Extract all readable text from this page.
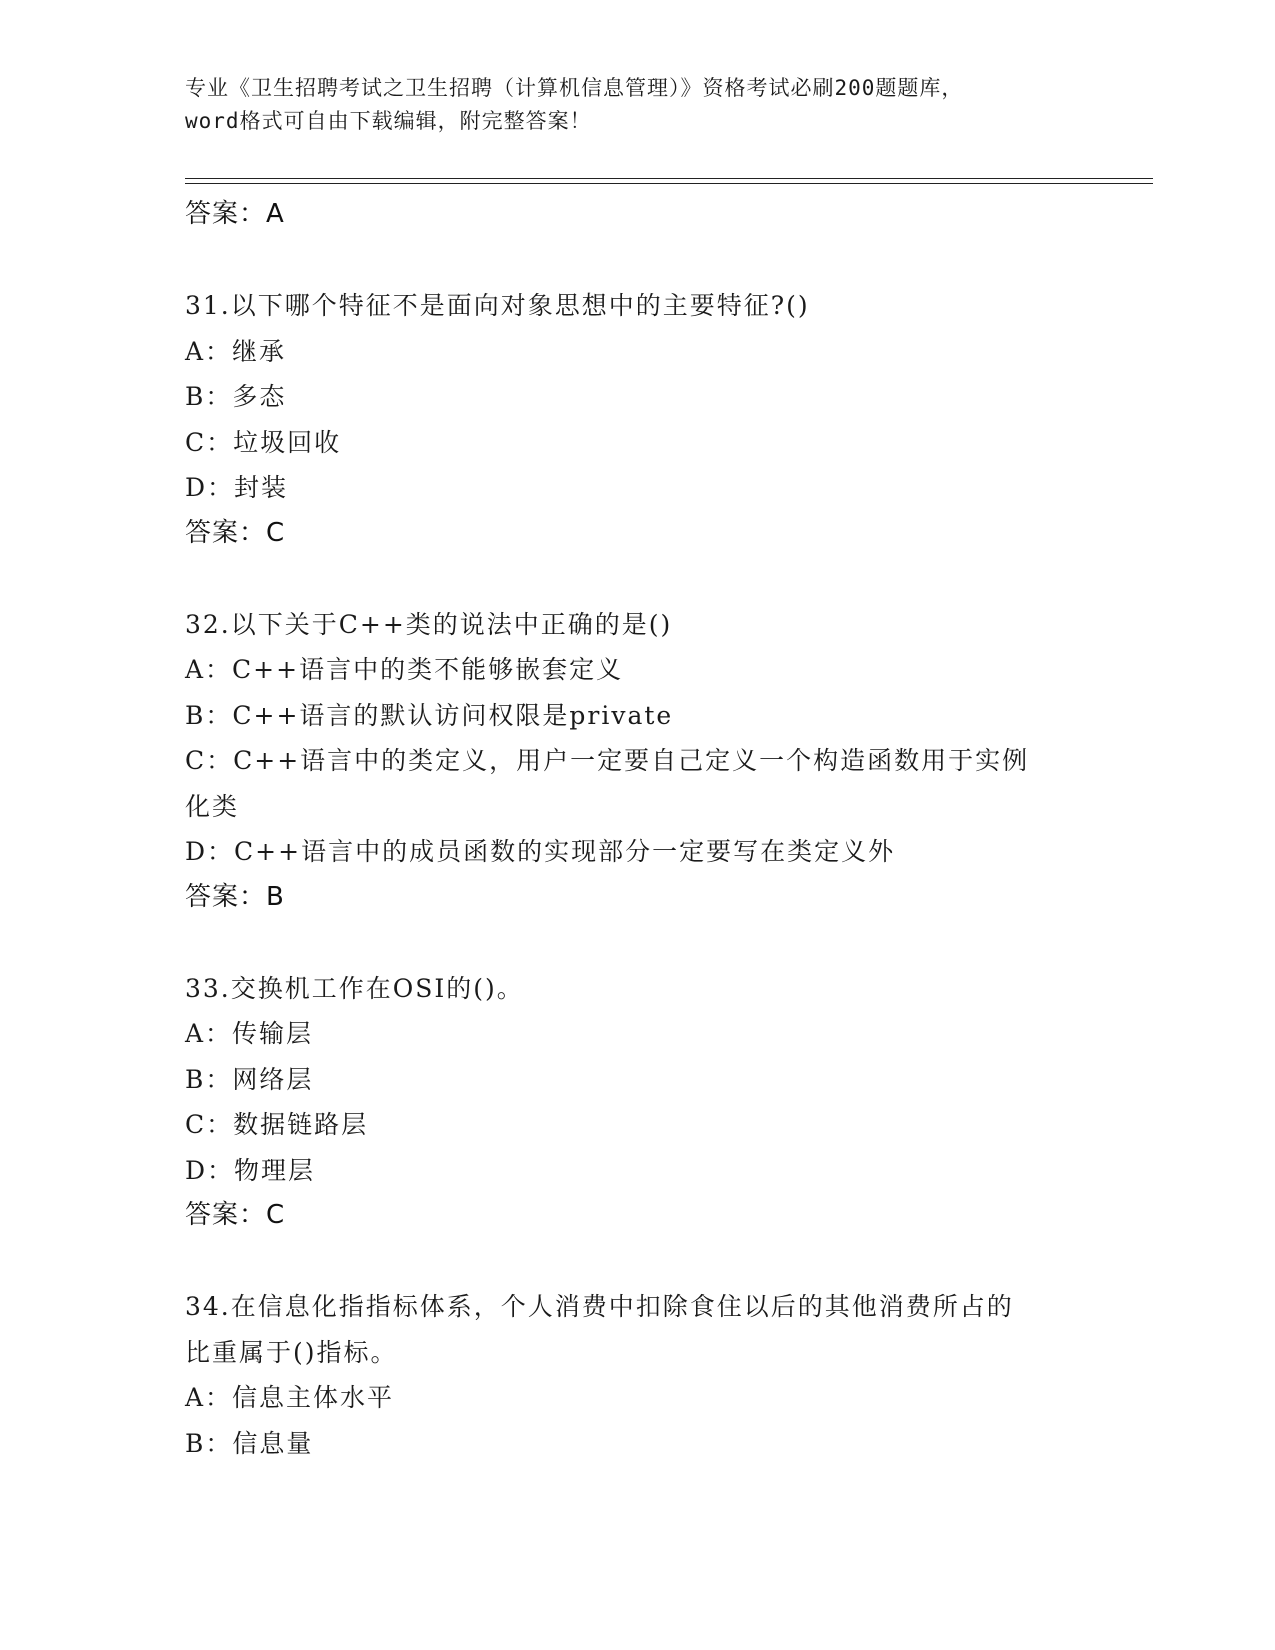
专业《卫生招聘考试之卫生招聘（计算机信息管理）》资格考试必刷200题题库，
word格式可自由下载编辑，附完整答案！
答案：A
31.以下哪个特征不是面向对象思想中的主要特征?()
A：继承
B：多态
C：垃圾回收
D：封装
答案：C
32.以下关于C++类的说法中正确的是()
A：C++语言中的类不能够嵌套定义
B：C++语言的默认访问权限是private
C：C++语言中的类定义，用户一定要自己定义一个构造函数用于实例
化类
D：C++语言中的成员函数的实现部分一定要写在类定义外
答案：B
33.交换机工作在OSI的()。
A：传输层
B：网络层
C：数据链路层
D：物理层
答案：C
34.在信息化指指标体系，个人消费中扣除食住以后的其他消费所占的
比重属于()指标。
A：信息主体水平
B：信息量
